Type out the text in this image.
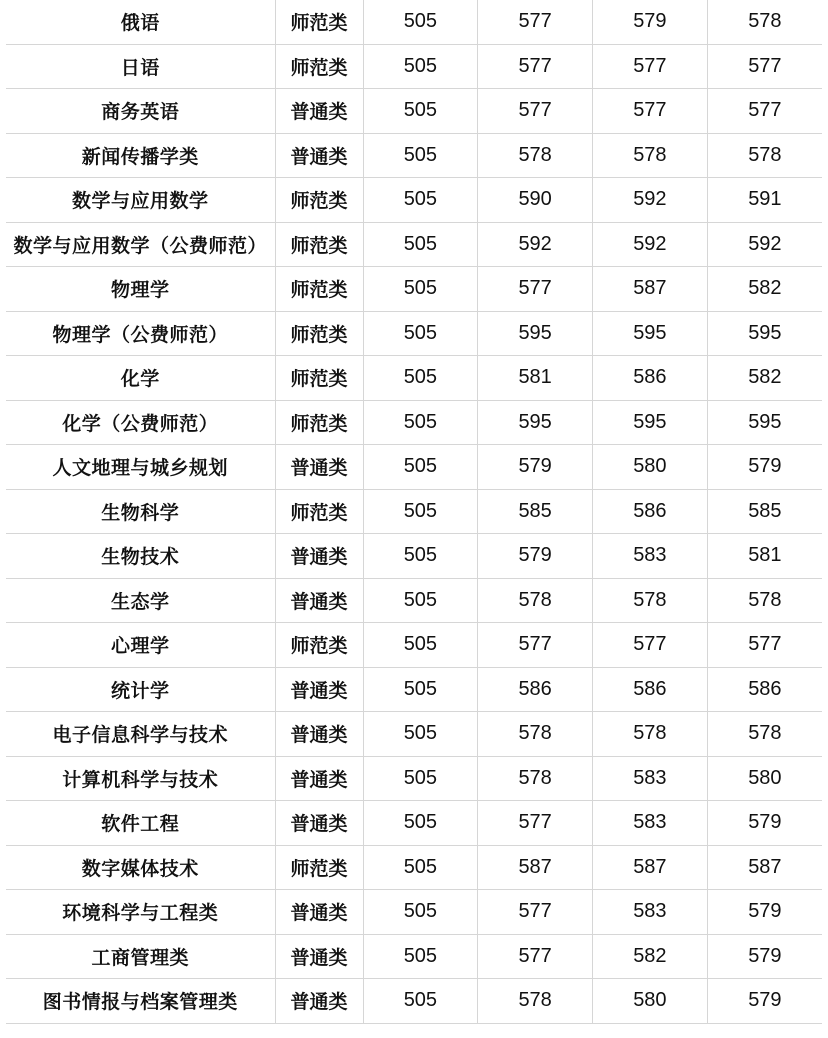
俄语	师范类	505	577	579	578
日语	师范类	505	577	577	577
商务英语	普通类	505	577	577	577
新闻传播学类	普通类	505	578	578	578
数学与应用数学	师范类	505	590	592	591
数学与应用数学（公费师范）	师范类	505	592	592	592
物理学	师范类	505	577	587	582
物理学（公费师范）	师范类	505	595	595	595
化学	师范类	505	581	586	582
化学（公费师范）	师范类	505	595	595	595
人文地理与城乡规划	普通类	505	579	580	579
生物科学	师范类	505	585	586	585
生物技术	普通类	505	579	583	581
生态学	普通类	505	578	578	578
心理学	师范类	505	577	577	577
统计学	普通类	505	586	586	586
电子信息科学与技术	普通类	505	578	578	578
计算机科学与技术	普通类	505	578	583	580
软件工程	普通类	505	577	583	579
数字媒体技术	师范类	505	587	587	587
环境科学与工程类	普通类	505	577	583	579
工商管理类	普通类	505	577	582	579
图书情报与档案管理类	普通类	505	578	580	579
